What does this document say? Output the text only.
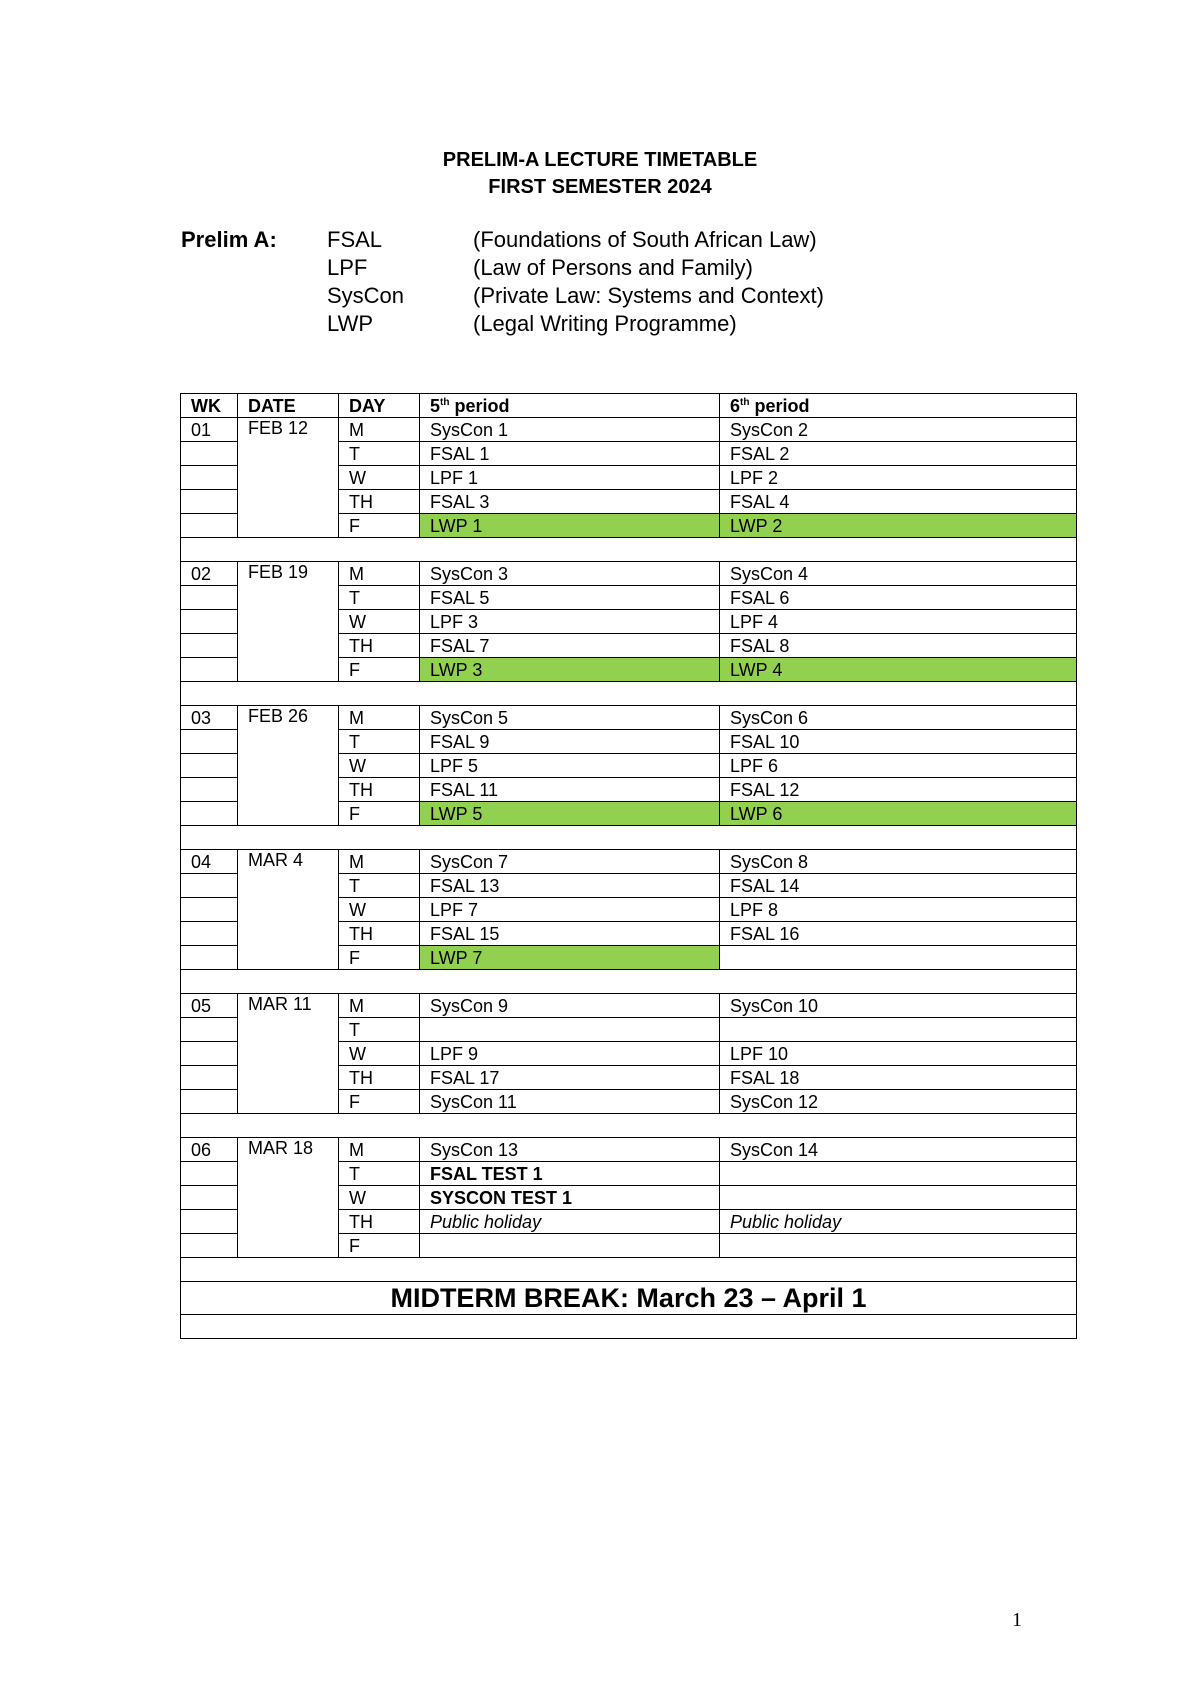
PRELIM-A LECTURE TIMETABLE
FIRST SEMESTER 2024
Prelim A:	FSAL	(Foundations of South African Law)
LPF	(Law of Persons and Family)
SysCon	(Private Law: Systems and Context)
LWP	(Legal Writing Programme)
WK	DATE	DAY	5th period	6th period
01	FEB 12	M	SysCon 1	SysCon 2
		T	FSAL 1	FSAL 2
		W	LPF 1	LPF 2
		TH	FSAL 3	FSAL 4
		F	LWP 1	LWP 2

02	FEB 19	M	SysCon 3	SysCon 4
		T	FSAL 5	FSAL 6
		W	LPF 3	LPF 4
		TH	FSAL 7	FSAL 8
		F	LWP 3	LWP 4

03	FEB 26	M	SysCon 5	SysCon 6
		T	FSAL 9	FSAL 10
		W	LPF 5	LPF 6
		TH	FSAL 11	FSAL 12
		F	LWP 5	LWP 6

04	MAR 4	M	SysCon 7	SysCon 8
		T	FSAL 13	FSAL 14
		W	LPF 7	LPF 8
		TH	FSAL 15	FSAL 16
		F	LWP 7	

05	MAR 11	M	SysCon 9	SysCon 10
		T		
		W	LPF 9	LPF 10
		TH	FSAL 17	FSAL 18
		F	SysCon 11	SysCon 12

06	MAR 18	M	SysCon 13	SysCon 14
		T	FSAL TEST 1	
		W	SYSCON TEST 1	
		TH	Public holiday	Public holiday
		F		

MIDTERM BREAK: March 23 – April 1				

1
